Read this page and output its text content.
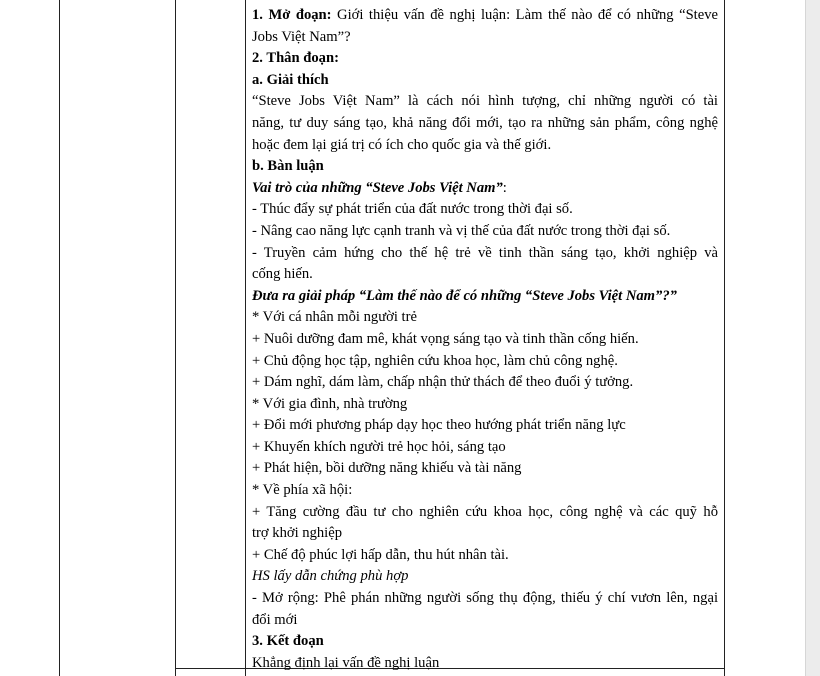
1. Mở đoạn: Giới thiệu vấn đề nghị luận: Làm thế nào để có những “Steve
Jobs Việt Nam”?
2. Thân đoạn:
a. Giải thích
“Steve Jobs Việt Nam” là cách nói hình tượng, chỉ những người có tài
năng, tư duy sáng tạo, khả năng đổi mới, tạo ra những sản phẩm, công nghệ
hoặc đem lại giá trị có ích cho quốc gia và thế giới.
b. Bàn luận
Vai trò của những “Steve Jobs Việt Nam”:
- Thúc đẩy sự phát triển của đất nước trong thời đại số.
- Nâng cao năng lực cạnh tranh và vị thế của đất nước trong thời đại số.
- Truyền cảm hứng cho thế hệ trẻ về tinh thần sáng tạo, khởi nghiệp và
cống hiến.
Đưa ra giải pháp “Làm thế nào để có những “Steve Jobs Việt Nam”?”
* Với cá nhân mỗi người trẻ
+ Nuôi dưỡng đam mê, khát vọng sáng tạo và tinh thần cống hiến.
+ Chủ động học tập, nghiên cứu khoa học, làm chủ công nghệ.
+ Dám nghĩ, dám làm, chấp nhận thử thách để theo đuổi ý tưởng.
* Với gia đình, nhà trường
+ Đổi mới phương pháp dạy học theo hướng phát triển năng lực
+ Khuyến khích người trẻ học hỏi, sáng tạo
+ Phát hiện, bồi dưỡng năng khiếu và tài năng
* Về phía xã hội:
+ Tăng cường đầu tư cho nghiên cứu khoa học, công nghệ và các quỹ hỗ
trợ khởi nghiệp
+ Chế độ phúc lợi hấp dẫn, thu hút nhân tài.
HS lấy dẫn chứng phù hợp
- Mở rộng: Phê phán những người sống thụ động, thiếu ý chí vươn lên, ngại
đổi mới
3. Kết đoạn
Khẳng định lại vấn đề nghị luận
